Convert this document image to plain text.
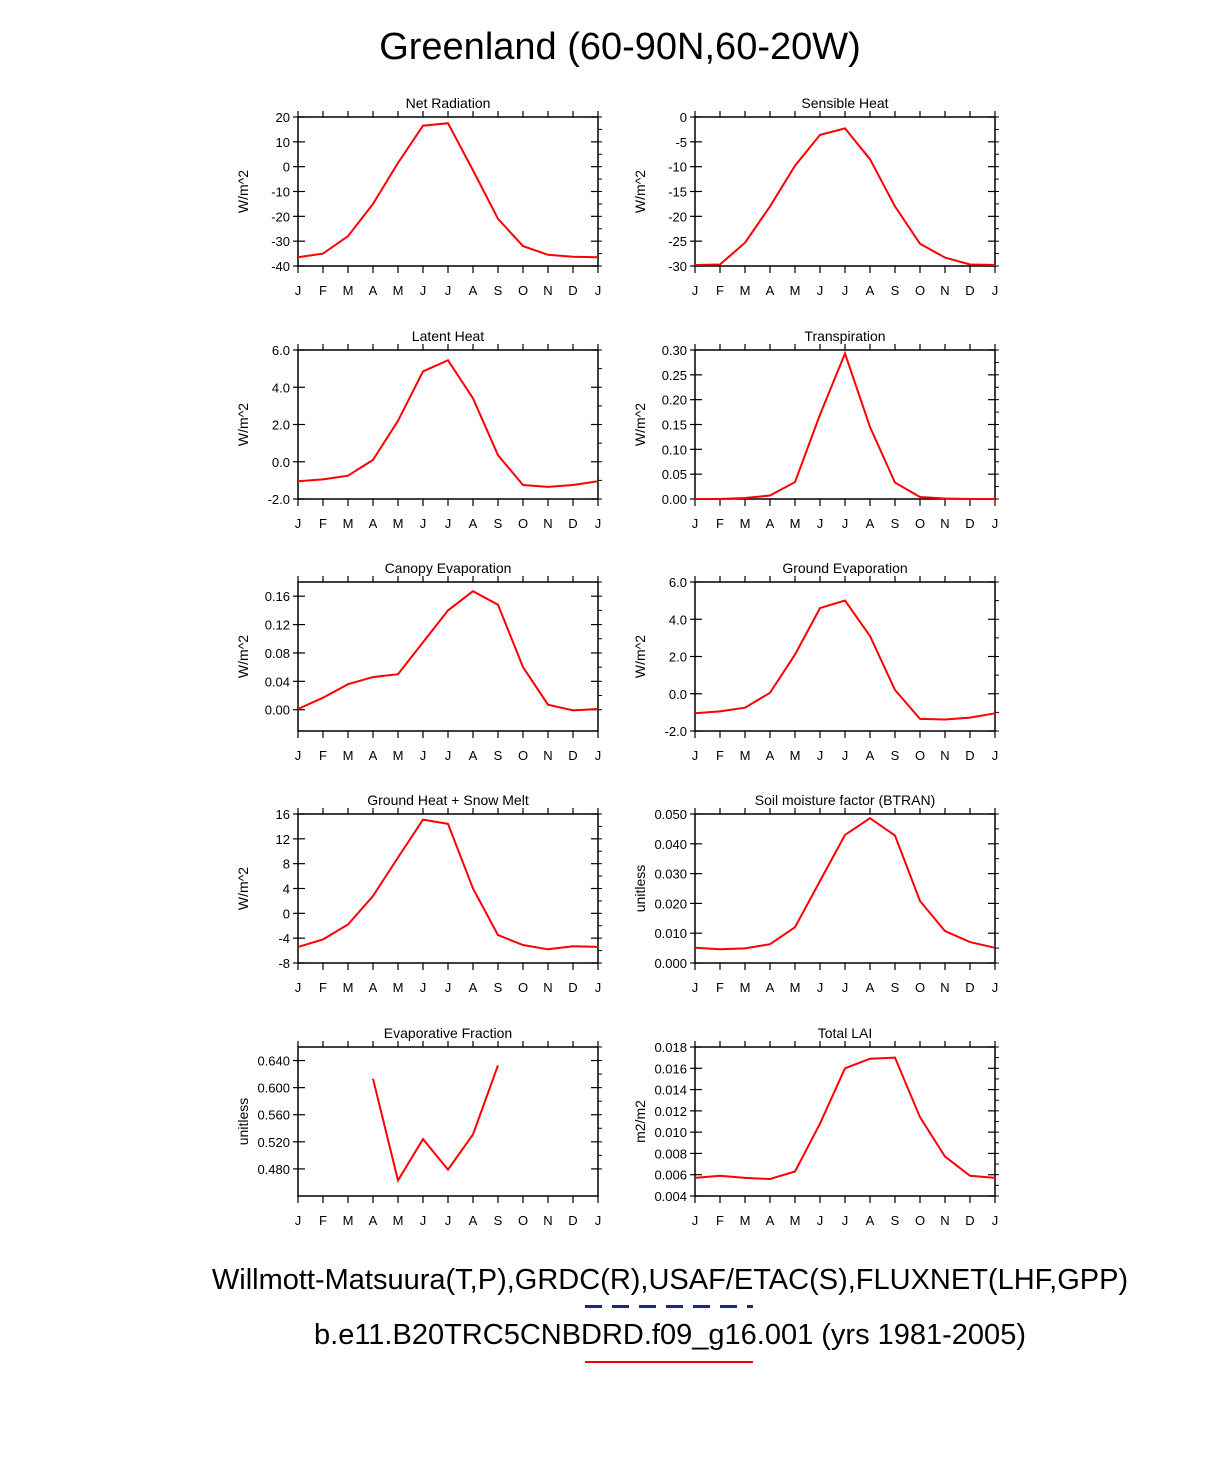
Greenland (60-90N,60-20W)
Net Radiation
W/m^2
20
10
0
-10
-20
-30
-40
J F M A M J J A S O N D J
Sensible Heat
W/m^2
0
-5
-10
-15
-20
-25
-30
J F M A M J J A S O N D J
Latent Heat
W/m^2
6.0
4.0
2.0
0.0
-2.0
J F M A M J J A S O N D J
Transpiration
W/m^2
0.30
0.25
0.20
0.15
0.10
0.05
0.00
J F M A M J J A S O N D J
Canopy Evaporation
W/m^2
0.16
0.12
0.08
0.04
0.00
J F M A M J J A S O N D J
Ground Evaporation
W/m^2
6.0
4.0
2.0
0.0
-2.0
J F M A M J J A S O N D J
Ground Heat + Snow Melt
W/m^2
16
12
8
4
0
-4
-8
J F M A M J J A S O N D J
Soil moisture factor (BTRAN)
unitless
0.050
0.040
0.030
0.020
0.010
0.000
J F M A M J J A S O N D J
Evaporative Fraction
unitless
0.640
0.600
0.560
0.520
0.480
J F M A M J J A S O N D J
Total LAI
m2/m2
0.018
0.016
0.014
0.012
0.010
0.008
0.006
0.004
J F M A M J J A S O N D J
Willmott-Matsuura(T,P),GRDC(R),USAF/ETAC(S),FLUXNET(LHF,GPP)
b.e11.B20TRC5CNBDRD.f09_g16.001 (yrs 1981-2005)
